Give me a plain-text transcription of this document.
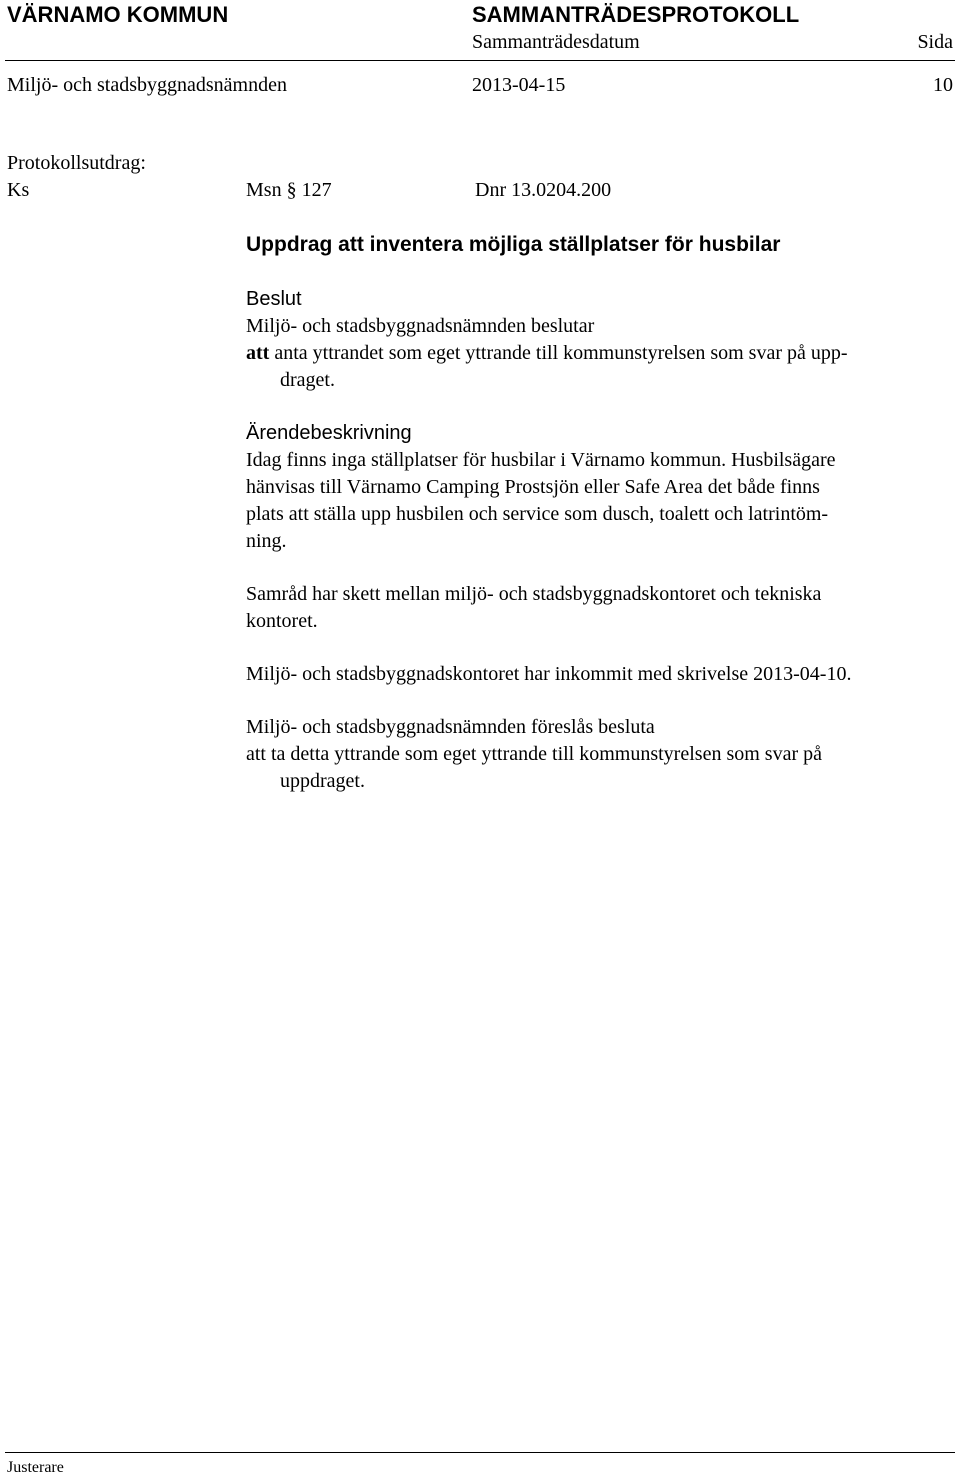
VÄRNAMO KOMMUN	SAMMANTRÄDESPROTOKOLL
Sammanträdesdatum	Sida
Miljö- och stadsbyggnadsnämnden	2013-04-15	10
Protokollsutdrag:
Ks	Msn § 127	Dnr 13.0204.200
Uppdrag att inventera möjliga ställplatser för husbilar
Beslut
Miljö- och stadsbyggnadsnämnden beslutar
att anta yttrandet som eget yttrande till kommunstyrelsen som svar på upp-
draget.
Ärendebeskrivning
Idag finns inga ställplatser för husbilar i Värnamo kommun. Husbilsägare
hänvisas till Värnamo Camping Prostsjön eller Safe Area det både finns
plats att ställa upp husbilen och service som dusch, toalett och latrintöm-
ning.
Samråd har skett mellan miljö- och stadsbyggnadskontoret och tekniska
kontoret.
Miljö- och stadsbyggnadskontoret har inkommit med skrivelse 2013-04-10.
Miljö- och stadsbyggnadsnämnden föreslås besluta
att ta detta yttrande som eget yttrande till kommunstyrelsen som svar på
uppdraget.
Justerare
